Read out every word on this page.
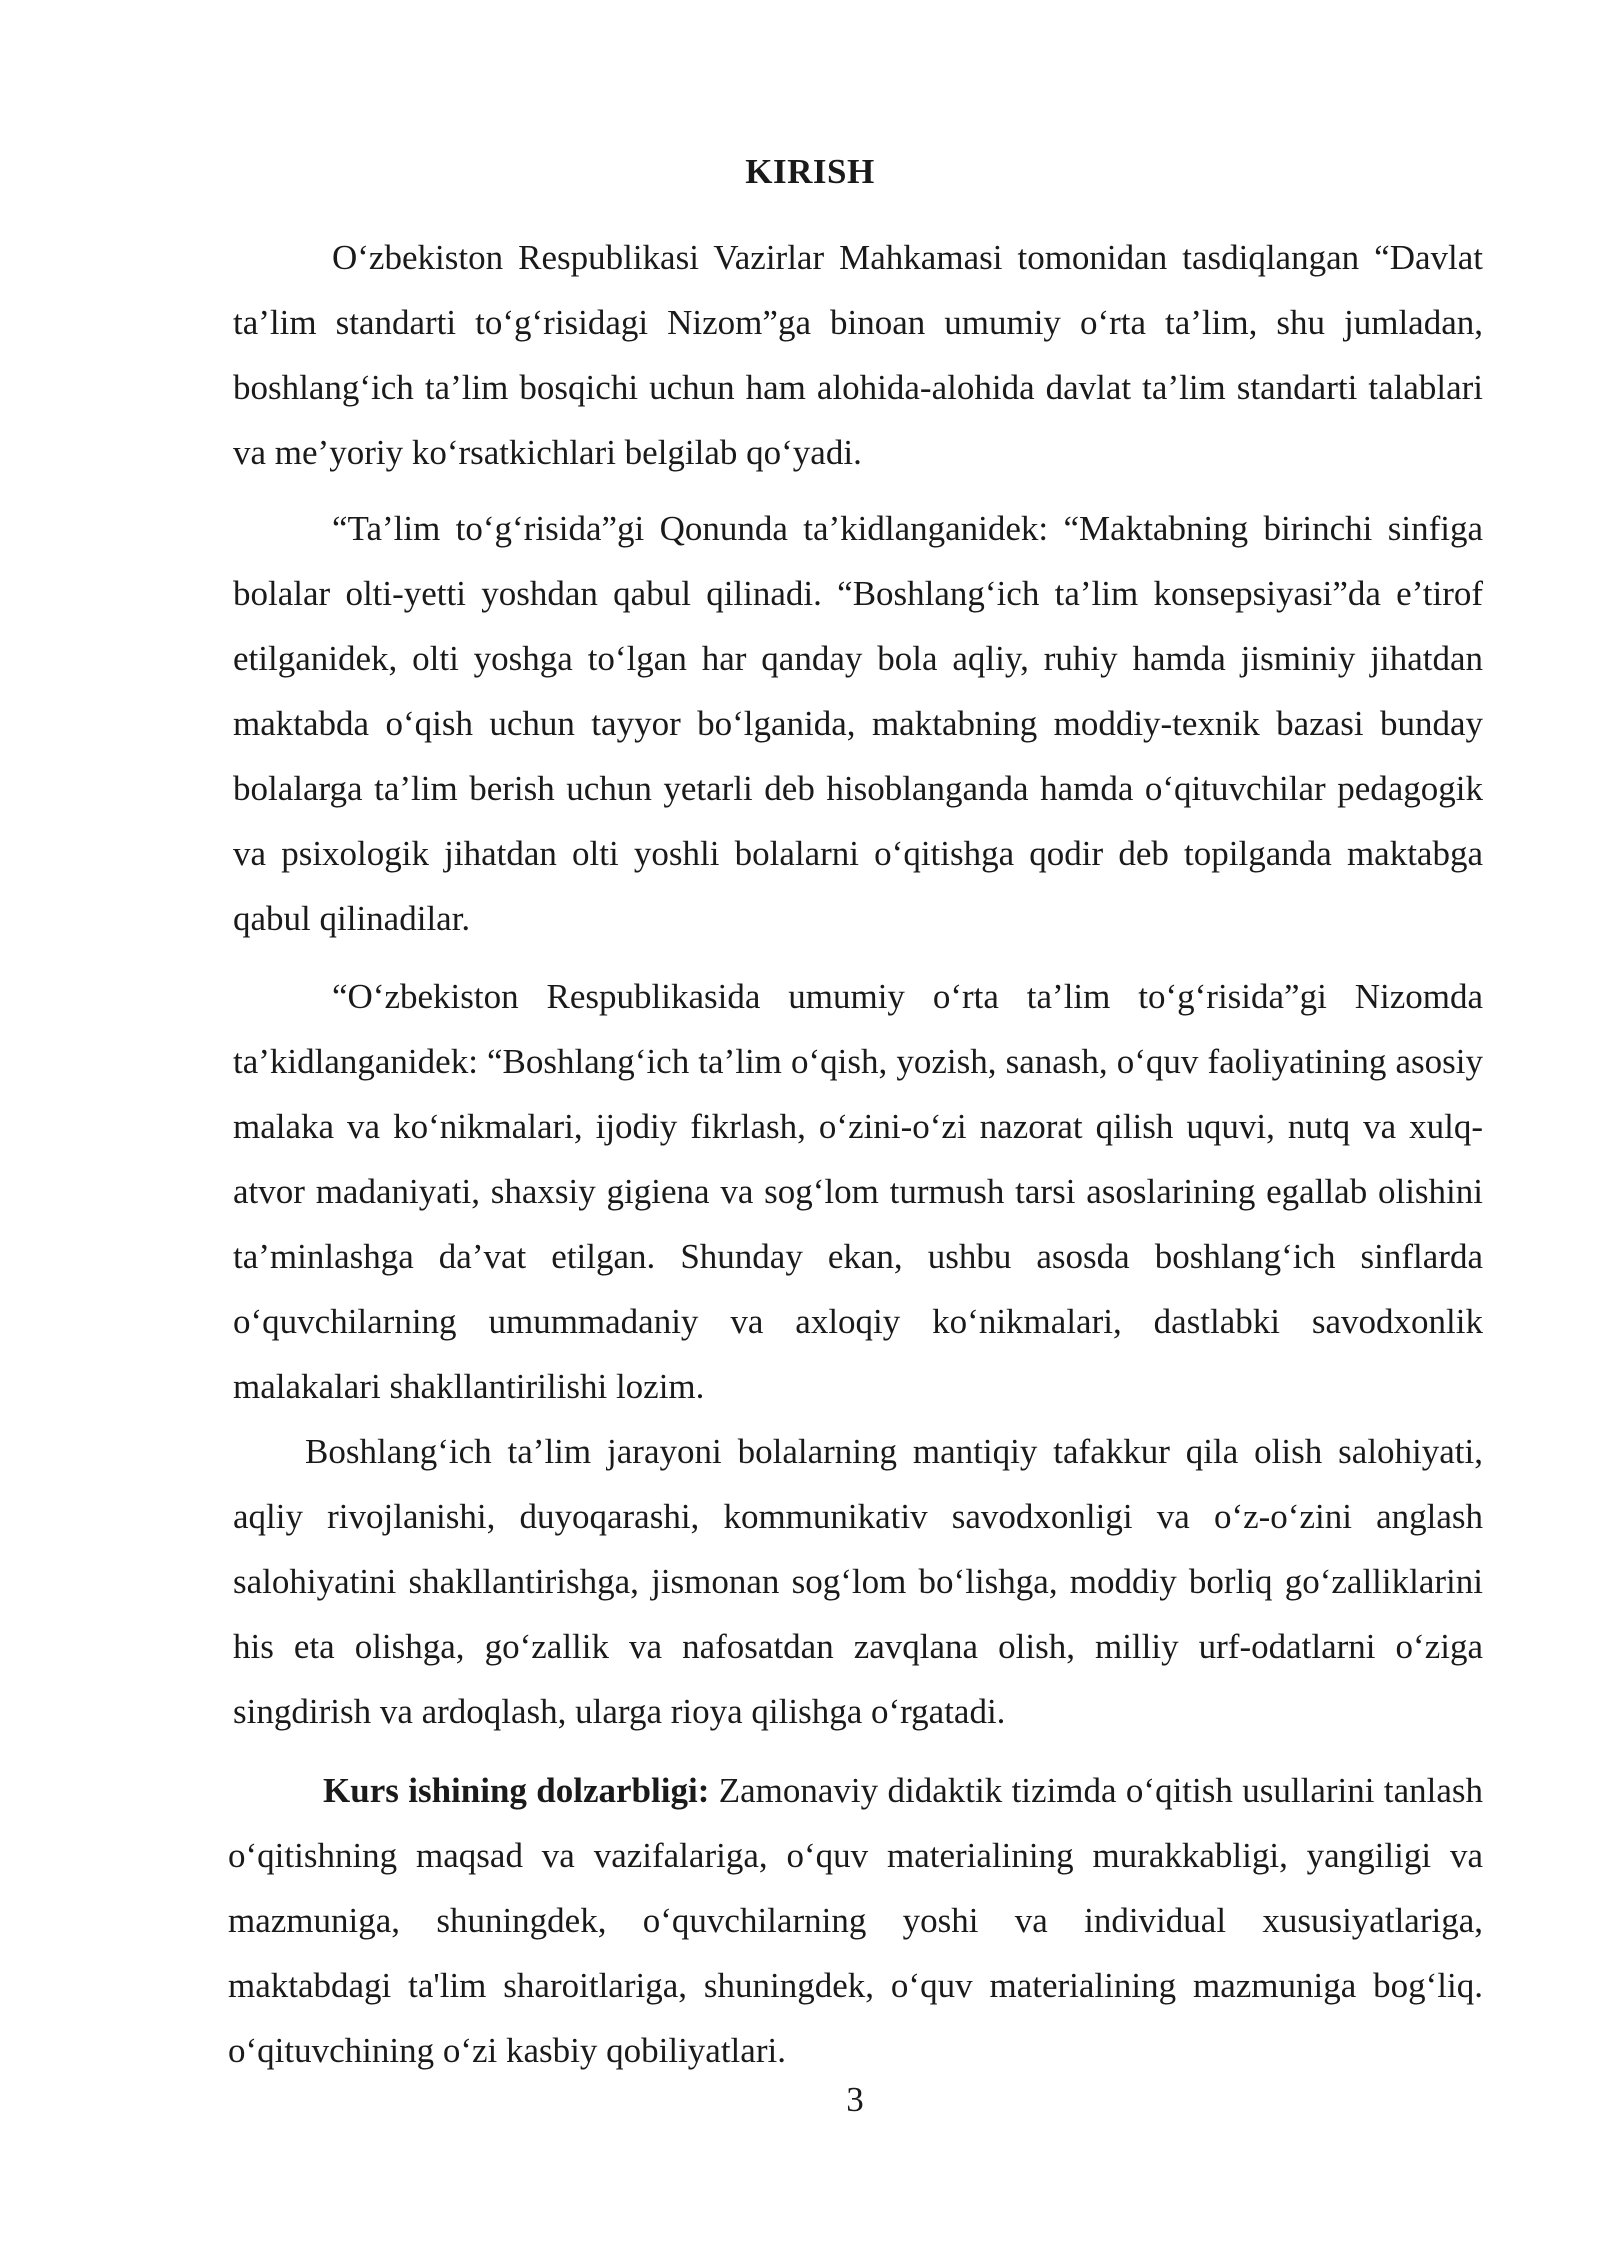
KIRISH

O‘zbekiston Respublikasi Vazirlar Mahkamasi tomonidan tasdiqlangan “Davlat ta’lim standarti to‘g‘risidagi Nizom”ga binoan umumiy o‘rta ta’lim, shu jumladan, boshlang‘ich ta’lim bosqichi uchun ham alohida-alohida davlat ta’lim standarti talablari va me’yoriy ko‘rsatkichlari belgilab qo‘yadi.

“Ta’lim to‘g‘risida”gi Qonunda ta’kidlanganidek: “Maktabning birinchi sinfiga bolalar olti-yetti yoshdan qabul qilinadi. “Boshlang‘ich ta’lim konsepsiyasi”da e’tirof etilganidek, olti yoshga to‘lgan har qanday bola aqliy, ruhiy hamda jisminiy jihatdan maktabda o‘qish uchun tayyor bo‘lganida, maktabning moddiy-texnik bazasi bunday bolalarga ta’lim berish uchun yetarli deb hisoblanganda hamda o‘qituvchilar pedagogik va psixologik jihatdan olti yoshli bolalarni o‘qitishga qodir deb topilganda maktabga qabul qilinadilar.

“O‘zbekiston Respublikasida umumiy o‘rta ta’lim to‘g‘risida”gi Nizomda ta’kidlanganidek: “Boshlang‘ich ta’lim o‘qish, yozish, sanash, o‘quv faoliyatining asosiy malaka va ko‘nikmalari, ijodiy fikrlash, o‘zini-o‘zi nazorat qilish uquvi, nutq va xulq-atvor madaniyati, shaxsiy gigiena va sog‘lom turmush tarsi asoslarining egallab olishini ta’minlashga da’vat etilgan. Shunday ekan, ushbu asosda boshlang‘ich sinflarda o‘quvchilarning umummadaniy va axloqiy ko‘nikmalari, dastlabki savodxonlik malakalari shakllantirilishi lozim.

Boshlang‘ich ta’lim jarayoni bolalarning mantiqiy tafakkur qila olish salohiyati, aqliy rivojlanishi, duyoqarashi, kommunikativ savodxonligi va o‘z-o‘zini anglash salohiyatini shakllantirishga, jismonan sog‘lom bo‘lishga, moddiy borliq go‘zalliklarini his eta olishga, go‘zallik va nafosatdan zavqlana olish, milliy urf-odatlarni o‘ziga singdirish va ardoqlash, ularga rioya qilishga o‘rgatadi.

Kurs ishining dolzarbligi: Zamonaviy didaktik tizimda o‘qitish usullarini tanlash o‘qitishning maqsad va vazifalariga, o‘quv materialining murakkabligi, yangiligi va mazmuniga, shuningdek, o‘quvchilarning yoshi va individual xususiyatlariga, maktabdagi ta'lim sharoitlariga, shuningdek, o‘quv materialining mazmuniga bog‘liq. o‘qituvchining o‘zi kasbiy qobiliyatlari.

3
